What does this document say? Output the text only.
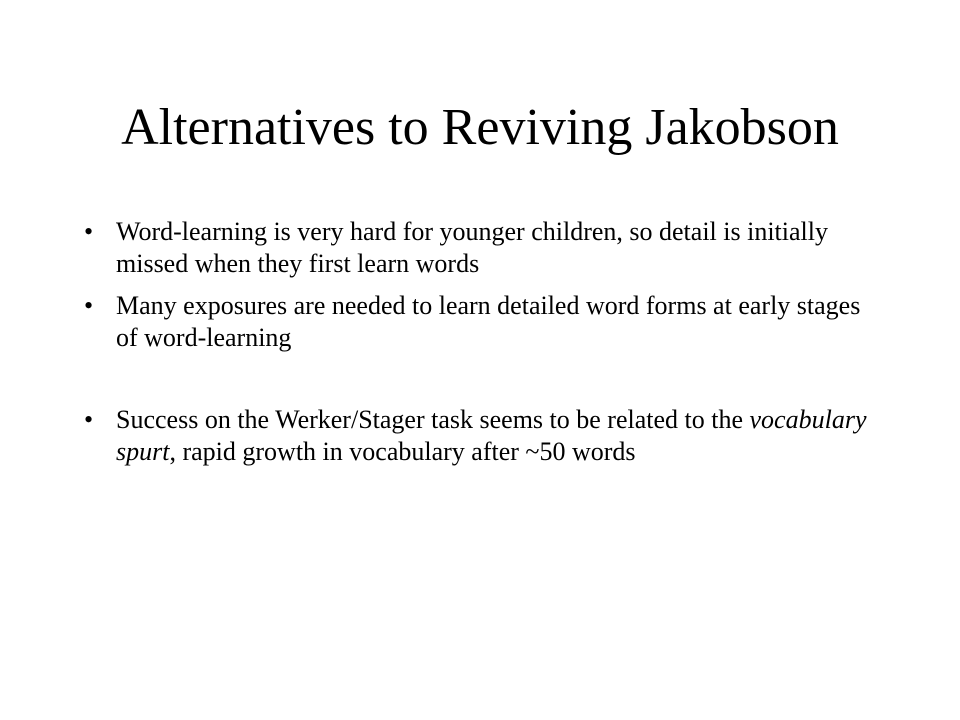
Alternatives to Reviving Jakobson
• Word-learning is very hard for younger children, so detail is initially missed when they first learn words
• Many exposures are needed to learn detailed word forms at early stages of word-learning
• Success on the Werker/Stager task seems to be related to the vocabulary spurt, rapid growth in vocabulary after ~50 words
